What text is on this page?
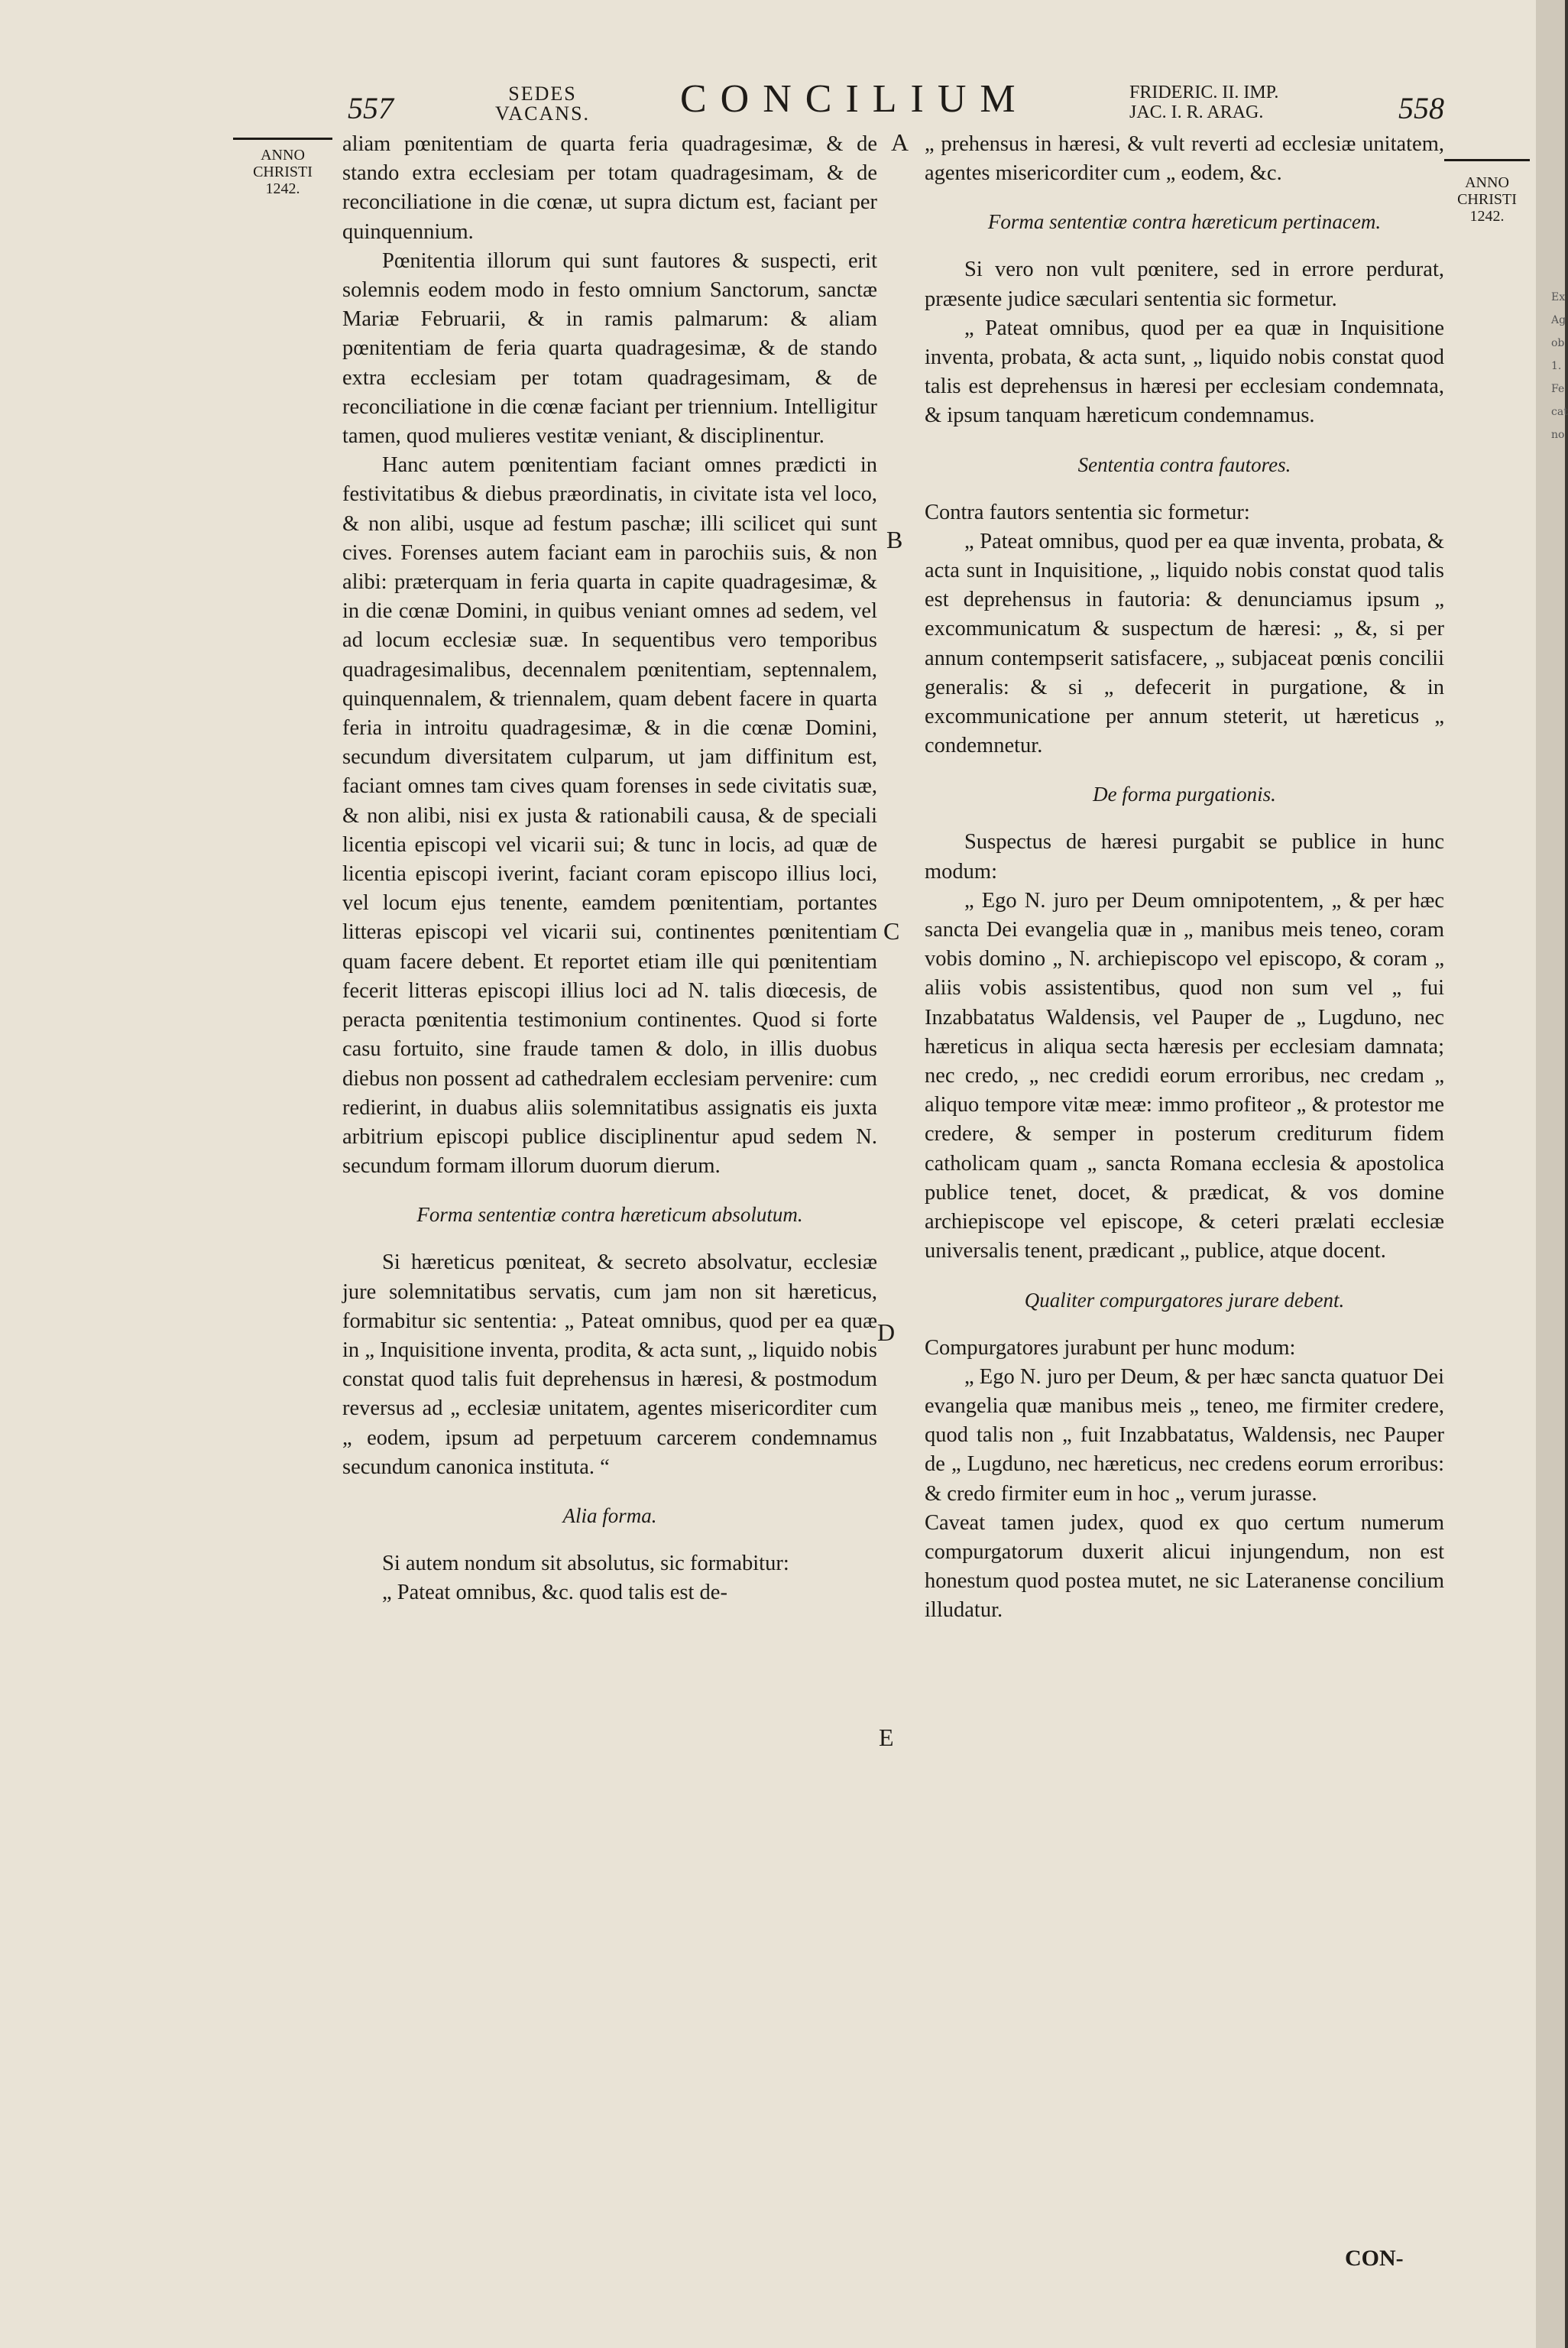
Ex
Ag
ob
1.
Fe
cat
no
557	SEDES
VACANS.	CONCILIUM	FRIDERIC. II. IMP.
JAC. I. R. ARAG.	558
ANNO
CHRISTI
1242.	ANNO
CHRISTI
1242.
A
B
C
D
E

aliam pœnitentiam de quarta feria quadragesimæ, & de stando extra ecclesiam per totam quadragesimam, & de reconciliatione in die cœnæ, ut supra dictum est, faciant per quinquennium.

Pœnitentia illorum qui sunt fautores & suspecti, erit solemnis eodem modo in festo omnium Sanctorum, sanctæ Mariæ Februarii, & in ramis palmarum: & aliam pœnitentiam de feria quarta quadragesimæ, & de stando extra ecclesiam per totam quadragesimam, & de reconciliatione in die cœnæ faciant per triennium. Intelligitur tamen, quod mulieres vestitæ veniant, & disciplinentur.

Hanc autem pœnitentiam faciant omnes prædicti in festivitatibus & diebus præordinatis, in civitate ista vel loco, & non alibi, usque ad festum paschæ; illi scilicet qui sunt cives. Forenses autem faciant eam in parochiis suis, & non alibi: præterquam in feria quarta in capite quadragesimæ, & in die cœnæ Domini, in quibus veniant omnes ad sedem, vel ad locum ecclesiæ suæ. In sequentibus vero temporibus quadragesimalibus, decennalem pœnitentiam, septennalem, quinquennalem, & triennalem, quam debent facere in quarta feria in introitu quadragesimæ, & in die cœnæ Domini, secundum diversitatem culparum, ut jam diffinitum est, faciant omnes tam cives quam forenses in sede civitatis suæ, & non alibi, nisi ex justa & rationabili causa, & de speciali licentia episcopi vel vicarii sui; & tunc in locis, ad quæ de licentia episcopi iverint, faciant coram episcopo illius loci, vel locum ejus tenente, eamdem pœnitentiam, portantes litteras episcopi vel vicarii sui, continentes pœnitentiam quam facere debent. Et reportet etiam ille qui pœnitentiam fecerit litteras episcopi illius loci ad N. talis diœcesis, de peracta pœnitentia testimonium continentes. Quod si forte casu fortuito, sine fraude tamen & dolo, in illis duobus diebus non possent ad cathedralem ecclesiam pervenire: cum redierint, in duabus aliis solemnitatibus assignatis eis juxta arbitrium episcopi publice disciplinentur apud sedem N. secundum formam illorum duorum dierum.

Forma sententiæ contra hæreticum absolutum.

Si hæreticus pœniteat, & secreto absolvatur, ecclesiæ jure solemnitatibus servatis, cum jam non sit hæreticus, formabitur sic sententia: „ Pateat omnibus, quod per ea quæ in „ Inquisitione inventa, prodita, & acta sunt, „ liquido nobis constat quod talis fuit deprehensus in hæresi, & postmodum reversus ad „ ecclesiæ unitatem, agentes misericorditer cum „ eodem, ipsum ad perpetuum carcerem condemnamus secundum canonica instituta. “

Alia forma.

Si autem nondum sit absolutus, sic formabitur:

„ Pateat omnibus, &c. quod talis est de-

„ prehensus in hæresi, & vult reverti ad ecclesiæ unitatem, agentes misericorditer cum „ eodem, &c.

Forma sententiæ contra hæreticum pertinacem.

Si vero non vult pœnitere, sed in errore perdurat, præsente judice sæculari sententia sic formetur.

„ Pateat omnibus, quod per ea quæ in Inquisitione inventa, probata, & acta sunt, „ liquido nobis constat quod talis est deprehensus in hæresi per ecclesiam condemnata, & ipsum tanquam hæreticum condemnamus.

Sententia contra fautores.

Contra fautors sententia sic formetur:

„ Pateat omnibus, quod per ea quæ inventa, probata, & acta sunt in Inquisitione, „ liquido nobis constat quod talis est deprehensus in fautoria: & denunciamus ipsum „ excommunicatum & suspectum de hæresi: „ &, si per annum contempserit satisfacere, „ subjaceat pœnis concilii generalis: & si „ defecerit in purgatione, & in excommunicatione per annum steterit, ut hæreticus „ condemnetur.

De forma purgationis.

Suspectus de hæresi purgabit se publice in hunc modum:

„ Ego N. juro per Deum omnipotentem, „ & per hæc sancta Dei evangelia quæ in „ manibus meis teneo, coram vobis domino „ N. archiepiscopo vel episcopo, & coram „ aliis vobis assistentibus, quod non sum vel „ fui Inzabbatatus Waldensis, vel Pauper de „ Lugduno, nec hæreticus in aliqua secta hæresis per ecclesiam damnata; nec credo, „ nec credidi eorum erroribus, nec credam „ aliquo tempore vitæ meæ: immo profiteor „ & protestor me credere, & semper in posterum crediturum fidem catholicam quam „ sancta Romana ecclesia & apostolica publice tenet, docet, & prædicat, & vos domine archiepiscope vel episcope, & ceteri prælati ecclesiæ universalis tenent, prædicant „ publice, atque docent.

Qualiter compurgatores jurare debent.

Compurgatores jurabunt per hunc modum:

„ Ego N. juro per Deum, & per hæc sancta quatuor Dei evangelia quæ manibus meis „ teneo, me firmiter credere, quod talis non „ fuit Inzabbatatus, Waldensis, nec Pauper de „ Lugduno, nec hæreticus, nec credens eorum erroribus: & credo firmiter eum in hoc „ verum jurasse.

Caveat tamen judex, quod ex quo certum numerum compurgatorum duxerit alicui injungendum, non est honestum quod postea mutet, ne sic Lateranense concilium illudatur.

CON-
